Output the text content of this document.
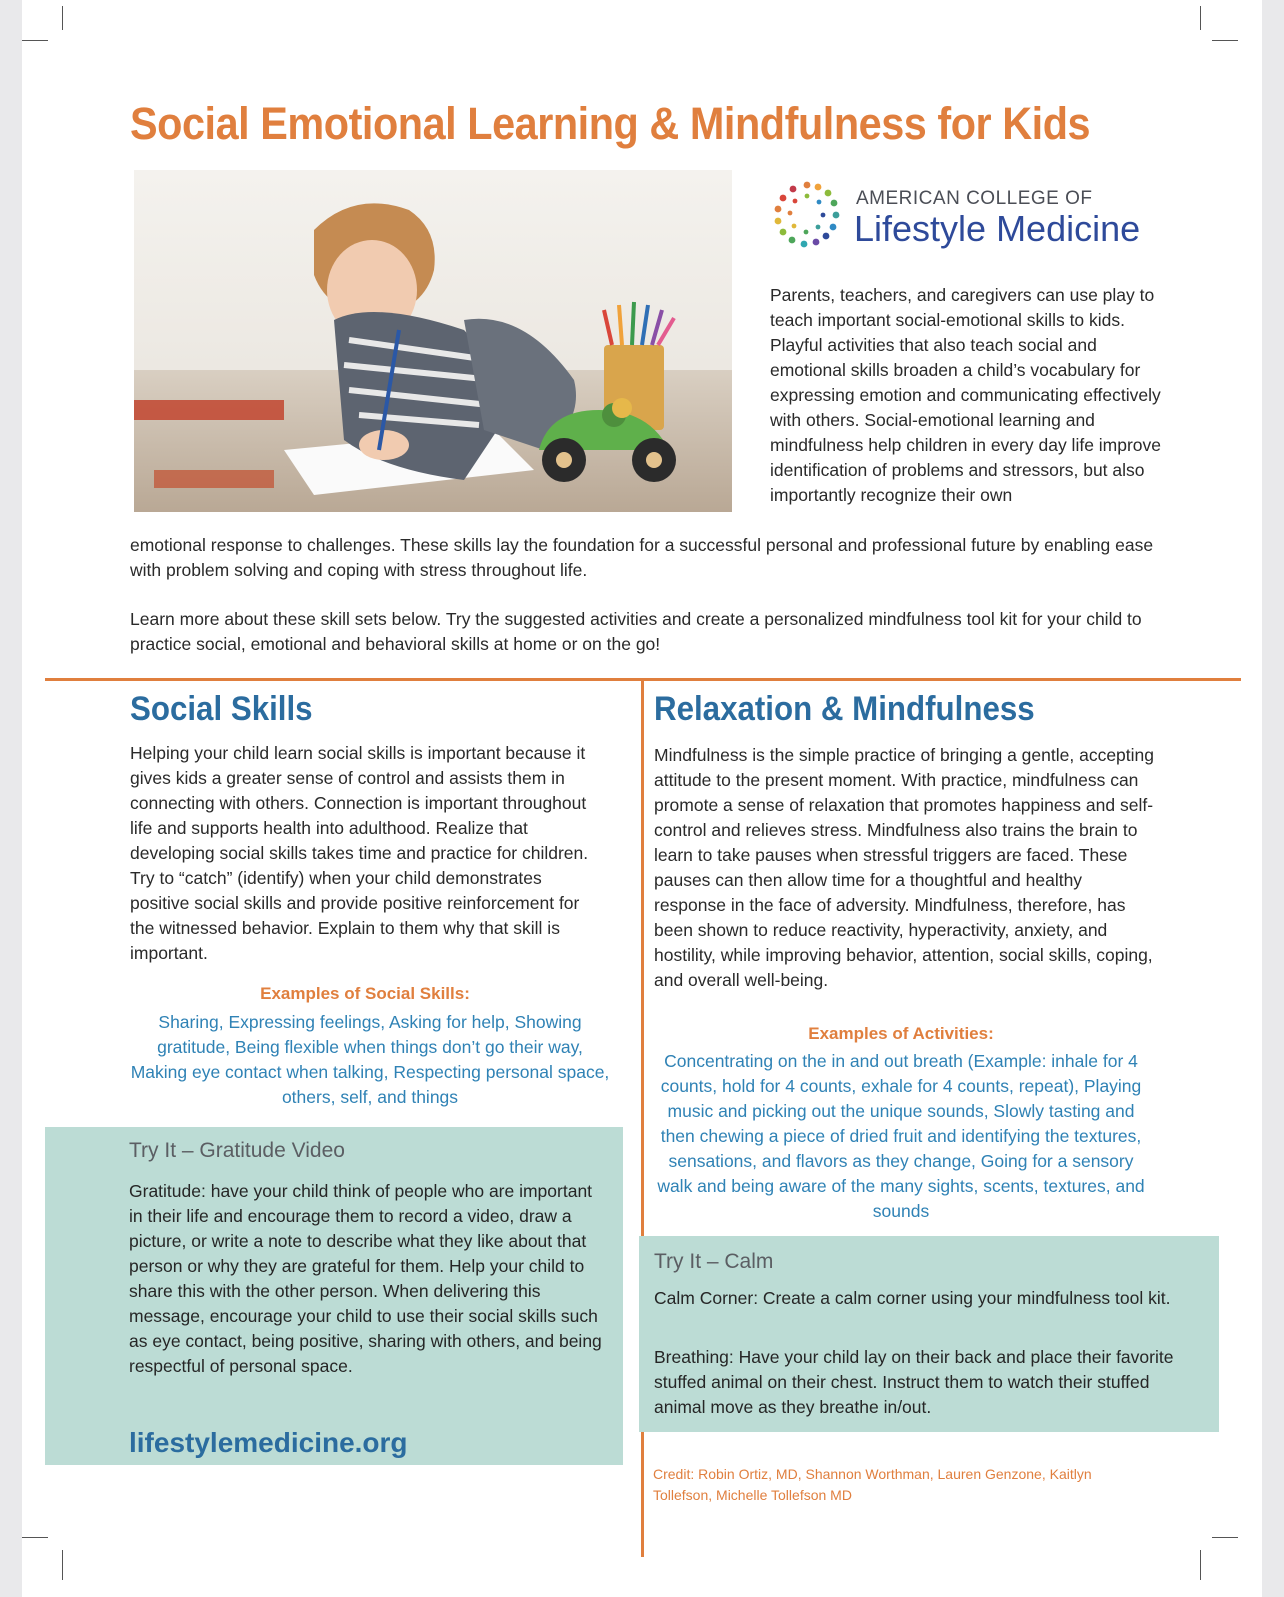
Social Emotional Learning & Mindfulness for Kids
AMERICAN COLLEGE OF
Lifestyle Medicine

Parents, teachers, and caregivers can use play to teach important social-emotional skills to kids. Playful activities that also teach social and emotional skills broaden a child’s vocabulary for expressing emotion and communicating effectively with others. Social-emotional learning and mindfulness help children in every day life improve identification of problems and stressors, but also importantly recognize their own

emotional response to challenges. These skills lay the foundation for a successful personal and professional future by enabling ease with problem solving and coping with stress throughout life.

Learn more about these skill sets below. Try the suggested activities and create a personalized mindfulness tool kit for your child to practice social, emotional and behavioral skills at home or on the go!

Social Skills

Helping your child learn social skills is important because it gives kids a greater sense of control and assists them in connecting with others. Connection is important throughout life and supports health into adulthood. Realize that developing social skills takes time and practice for children. Try to “catch” (identify) when your child demonstrates positive social skills and provide positive reinforcement for the witnessed behavior. Explain to them why that skill is important.

Examples of Social Skills:

Sharing, Expressing feelings, Asking for help, Showing gratitude, Being flexible when things don’t go their way, Making eye contact when talking, Respecting personal space, others, self, and things

Try It – Gratitude Video

Gratitude: have your child think of people who are important in their life and encourage them to record a video, draw a picture, or write a note to describe what they like about that person or why they are grateful for them. Help your child to share this with the other person. When delivering this message, encourage your child to use their social skills such as eye contact, being positive, sharing with others, and being respectful of personal space.

lifestylemedicine.org
Relaxation & Mindfulness

Mindfulness is the simple practice of bringing a gentle, accepting attitude to the present moment. With practice, mindfulness can promote a sense of relaxation that promotes happiness and self-control and relieves stress. Mindfulness also trains the brain to learn to take pauses when stressful triggers are faced. These pauses can then allow time for a thoughtful and healthy response in the face of adversity. Mindfulness, therefore, has been shown to reduce reactivity, hyperactivity, anxiety, and hostility, while improving behavior, attention, social skills, coping, and overall well-being.

Examples of Activities:

Concentrating on the in and out breath (Example: inhale for 4 counts, hold for 4 counts, exhale for 4 counts, repeat), Playing music and picking out the unique sounds, Slowly tasting and then chewing a piece of dried fruit and identifying the textures, sensations, and flavors as they change, Going for a sensory walk and being aware of the many sights, scents, textures, and sounds

Try It – Calm

Calm Corner: Create a calm corner using your mindfulness tool kit.

Breathing: Have your child lay on their back and place their favorite stuffed animal on their chest. Instruct them to watch their stuffed animal move as they breathe in/out.

Credit: Robin Ortiz, MD, Shannon Worthman, Lauren Genzone, Kaitlyn Tollefson, Michelle Tollefson MD
